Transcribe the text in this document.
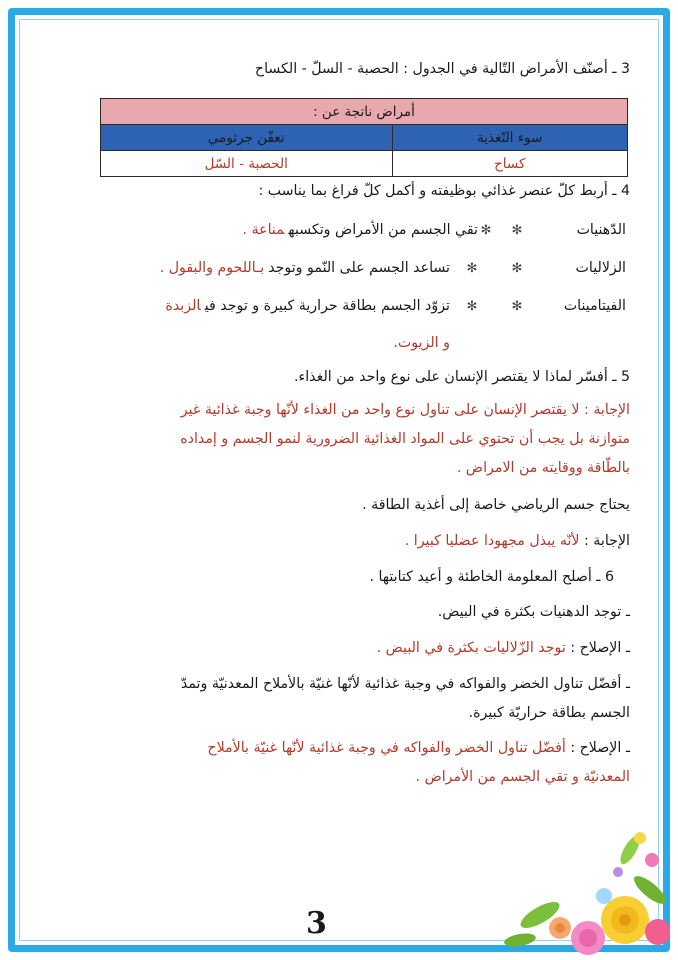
3 ـ أصنّف الأمراض التّالية في الجدول : الحصبة - السلّ - الكساح
أمراض ناتجة عن :	
سوء التّغذية	تعفّن جرثومي
كساح	الحصبة - السّل
4 ـ أربط كلّ عنصر غذائي بوظيفته و أكمل كلّ فراغ بما يناسب :
الدّهنيات
✻
✻
تقي الجسم من الأمراض وتكسبهمناعة .
الزلاليات
✻
✻
تساعد الجسم على النّمو وتوجدبـاللحوم والبقول .
الفيتامينات
✻
✻
تزوّد الجسم بطاقة حرارية كبيرة و توجد فيالزبدة
و الزيوت.
5 ـ أفسّر لماذا لا يقتصر الإنسان على نوع واحد من الغذاء.
الإجابة : لا يقتصر الإنسان على تناول نوع واحد من الغذاء لأنّها وجبة غذائية غير
متوازنة بل يجب أن تحتوي على المواد الغذائية الضرورية لنمو الجسم و إمداده
بالطّاقة ووقايته من الامراض .
يحتاج جسم الرياضي خاصة إلى أغذية الطاقة .
الإجابة : لأنّه يبذل مجهودا عضليا كبيرا .
6 ـ أصلح المعلومة الخاطئة و أعيد كتابتها .
ـ توجد الدهنيات بكثرة في البيض.
ـ الإصلاح : توجد الزّلاليات بكثرة في البيض .
ـ أفضّل تناول الخضر والفواكه في وجبة غذائية لأنّها غنيّة بالأملاح المعدنيّة وتمدّ
الجسم بطاقة حراريّة كبيرة.
ـ الإصلاح : أفضّل تناول الخضر والفواكه في وجبة غذائية لأنّها غنيّة بالأملاح
المعدنيّة و تقي الجسم من الأمراض .
3
